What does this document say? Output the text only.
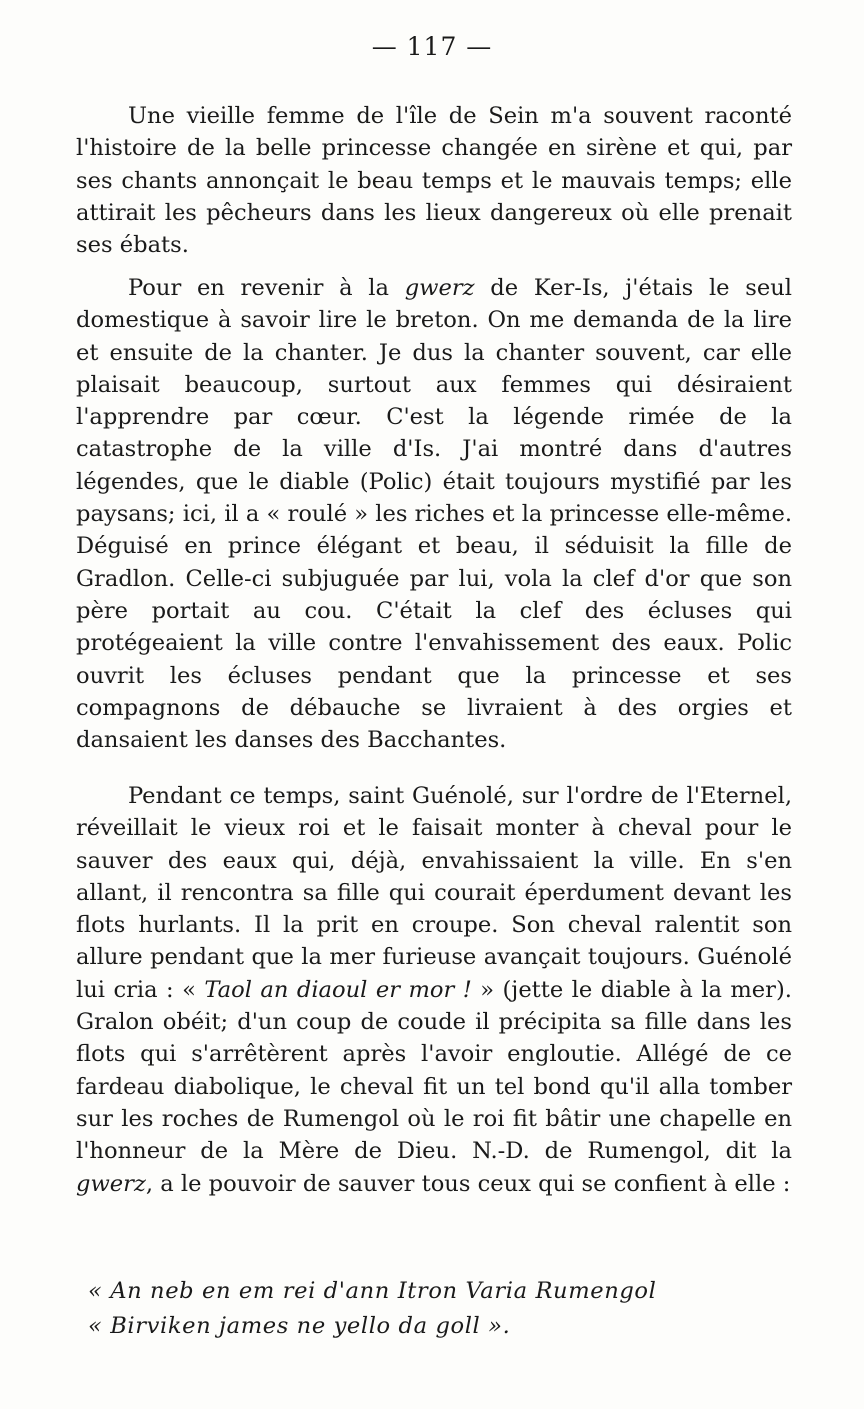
— 117 —

Une vieille femme de l'île de Sein m'a souvent raconté l'histoire de la belle princesse changée en sirène et qui, par ses chants annonçait le beau temps et le mauvais temps; elle attirait les pêcheurs dans les lieux dangereux où elle prenait ses ébats.

Pour en revenir à la gwerz de Ker-Is, j'étais le seul domestique à savoir lire le breton. On me demanda de la lire et ensuite de la chanter. Je dus la chanter souvent, car elle plaisait beaucoup, surtout aux femmes qui désiraient l'apprendre par cœur. C'est la légende rimée de la catastrophe de la ville d'Is. J'ai montré dans d'autres légendes, que le diable (Polic) était toujours mystifié par les paysans; ici, il a « roulé » les riches et la princesse elle-même. Déguisé en prince élégant et beau, il séduisit la fille de Gradlon. Celle-ci subjuguée par lui, vola la clef d'or que son père portait au cou. C'était la clef des écluses qui protégeaient la ville contre l'envahissement des eaux. Polic ouvrit les écluses pendant que la princesse et ses compagnons de débauche se livraient à des orgies et dansaient les danses des Bacchantes.

Pendant ce temps, saint Guénolé, sur l'ordre de l'Eternel, réveillait le vieux roi et le faisait monter à cheval pour le sauver des eaux qui, déjà, envahissaient la ville. En s'en allant, il rencontra sa fille qui courait éperdument devant les flots hurlants. Il la prit en croupe. Son cheval ralentit son allure pendant que la mer furieuse avançait toujours. Guénolé lui cria : « Taol an diaoul er mor ! » (jette le diable à la mer). Gralon obéit; d'un coup de coude il précipita sa fille dans les flots qui s'arrêtèrent après l'avoir engloutie. Allégé de ce fardeau diabolique, le cheval fit un tel bond qu'il alla tomber sur les roches de Rumengol où le roi fit bâtir une chapelle en l'honneur de la Mère de Dieu. N.-D. de Rumengol, dit la gwerz, a le pouvoir de sauver tous ceux qui se confient à elle :

« An neb en em rei d'ann Itron Varia Rumengol
« Birviken james ne yello da goll ».
